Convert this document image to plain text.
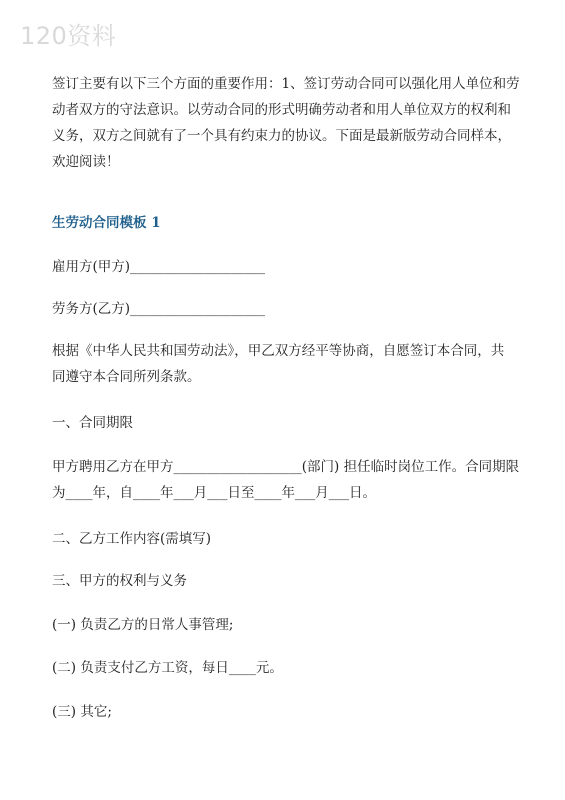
120资料
签订主要有以下三个方面的重要作用：1、签订劳动合同可以强化用人单位和劳
动者双方的守法意识。以劳动合同的形式明确劳动者和用人单位双方的权利和
义务，双方之间就有了一个具有约束力的协议。下面是最新版劳动合同样本，
欢迎阅读！
生劳动合同模板 1
雇用方(甲方)____________________
劳务方(乙方)____________________
根据《中华人民共和国劳动法》，甲乙双方经平等协商，自愿签订本合同，共
同遵守本合同所列条款。
一、合同期限
甲方聘用乙方在甲方___________________(部门) 担任临时岗位工作。合同期限
为____年，自____年___月___日至____年___月___日。
二、乙方工作内容(需填写)
三、甲方的权利与义务
(一) 负责乙方的日常人事管理;
(二) 负责支付乙方工资，每日____元。
(三) 其它;
